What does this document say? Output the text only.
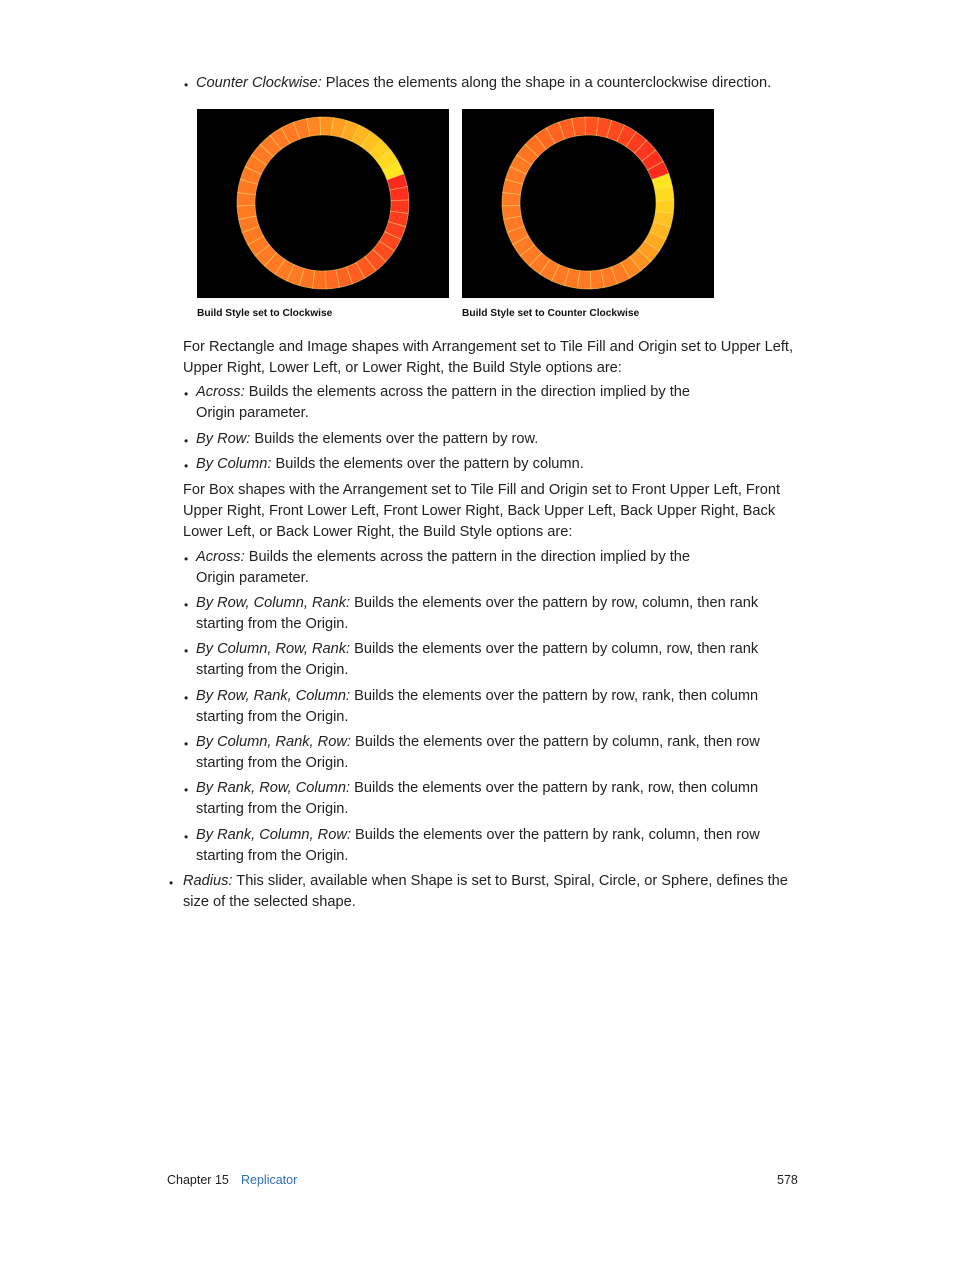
• Counter Clockwise: Places the elements along the shape in a counterclockwise direction.
Build Style set to Clockwise	Build Style set to Counter Clockwise
For Rectangle and Image shapes with Arrangement set to Tile Fill and Origin set to Upper Left, Upper Right, Lower Left, or Lower Right, the Build Style options are:
• Across: Builds the elements across the pattern in the direction implied by the Origin parameter.
• By Row: Builds the elements over the pattern by row.
• By Column: Builds the elements over the pattern by column.
For Box shapes with the Arrangement set to Tile Fill and Origin set to Front Upper Left, Front Upper Right, Front Lower Left, Front Lower Right, Back Upper Left, Back Upper Right, Back Lower Left, or Back Lower Right, the Build Style options are:
• Across: Builds the elements across the pattern in the direction implied by the Origin parameter.
• By Row, Column, Rank: Builds the elements over the pattern by row, column, then rank starting from the Origin.
• By Column, Row, Rank: Builds the elements over the pattern by column, row, then rank starting from the Origin.
• By Row, Rank, Column: Builds the elements over the pattern by row, rank, then column starting from the Origin.
• By Column, Rank, Row: Builds the elements over the pattern by column, rank, then row starting from the Origin.
• By Rank, Row, Column: Builds the elements over the pattern by rank, row, then column starting from the Origin.
• By Rank, Column, Row: Builds the elements over the pattern by rank, column, then row starting from the Origin.
• Radius: This slider, available when Shape is set to Burst, Spiral, Circle, or Sphere, defines the size of the selected shape.
Chapter 15 Replicator	578
